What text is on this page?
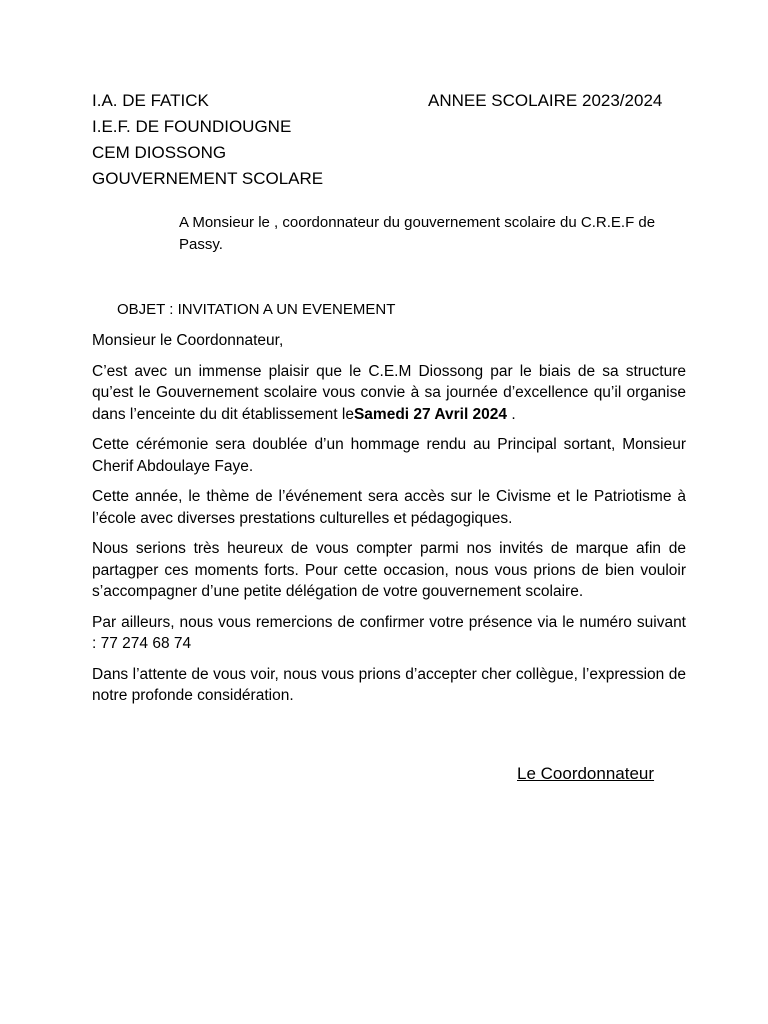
I.A. DE FATICK
I.E.F. DE FOUNDIOUGNE
CEM DIOSSONG
GOUVERNEMENT SCOLARE
ANNEE SCOLAIRE 2023/2024
A Monsieur le , coordonnateur du gouvernement scolaire du C.R.E.F de Passy.
OBJET : INVITATION A UN EVENEMENT

Monsieur le Coordonnateur,

C’est avec un immense plaisir que le C.E.M Diossong par le biais de sa structure qu’est le Gouvernement scolaire vous convie à sa journée d’excellence qu’il organise dans l’enceinte du dit établissement leSamedi 27 Avril 2024 .

Cette cérémonie sera doublée d’un hommage rendu au Principal sortant, Monsieur Cherif Abdoulaye Faye.

Cette année, le thème de l’événement sera accès sur le Civisme et le Patriotisme à l’école avec diverses prestations culturelles et pédagogiques.

Nous serions très heureux de vous compter parmi nos invités de marque afin de partagper ces moments forts. Pour cette occasion, nous vous prions de bien vouloir s’accompagner d’une petite délégation de votre gouvernement scolaire.

Par ailleurs, nous vous remercions de confirmer votre présence via le numéro suivant : 77 274 68 74

Dans l’attente de vous voir, nous vous prions d’accepter cher collègue, l’expression de notre profonde considération.

Le Coordonnateur
